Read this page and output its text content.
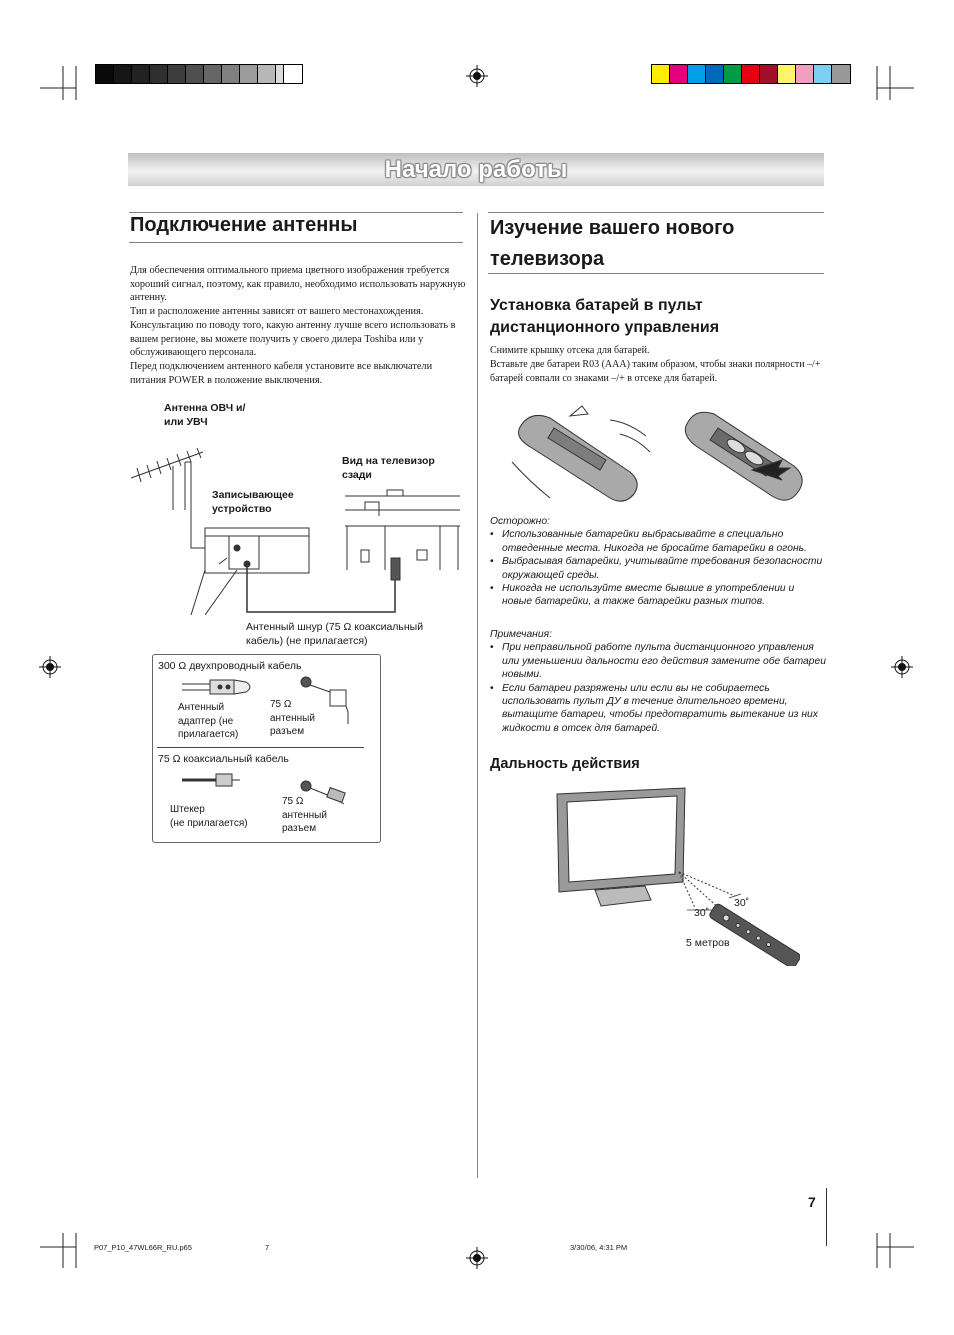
Начало работы
Подключение антенны
Для обеспечения оптимального приема цветного изображения требуется хороший сигнал, поэтому, как правило, необходимо использовать наружную антенну.
Тип и расположение антенны зависят от вашего местонахождения. Консультацию по поводу того, какую антенну лучше всего использовать в вашем регионе, вы можете получить у своего дилера Toshiba или у обслуживающего персонала.
Перед подключением антенного кабеля установите все выключатели питания POWER в положение выключения.
Антенна ОВЧ и/
или УВЧ
Вид на телевизор
сзади
Записывающее
устройство
Антенный шнур (75 Ω коаксиальный
кабель) (не прилагается)
300 Ω двухпроводный кабель
Антенный
адаптер (не
прилагается)
75 Ω
антенный
разъем
75 Ω коаксиальный кабель
Штекер
(не прилагается)
75 Ω
антенный
разъем
Изучение вашего нового
телевизора
Установка батарей в пульт
дистанционного управления
Снимите крышку отсека для батарей.
Вставьте две батареи R03 (AAA) таким образом, чтобы знаки полярности –/+ батарей совпали со знаками –/+ в отсеке для батарей.
Осторожно:
• Использованные батарейки выбрасывайте в специально отведенные места. Никогда не бросайте батарейки в огонь.
• Выбрасывая батарейки, учитывайте требования безопасности окружающей среды.
• Никогда не используйте вместе бывшие в употреблении и новые батарейки, а также батарейки разных типов.
Примечания:
• При неправильной работе пульта дистанционного управления или уменьшении дальности его действия замените обе батареи новыми.
• Если батареи разряжены или если вы не собираетесь использовать пульт ДУ в течение длительного времени, вытащите батареи, чтобы предотвратить вытекание из них жидкости в отсек для батарей.
Дальность действия
30˚
30˚
5 метров
7
P07_P10_47WL66R_RU.p65	7	3/30/06, 4:31 PM
